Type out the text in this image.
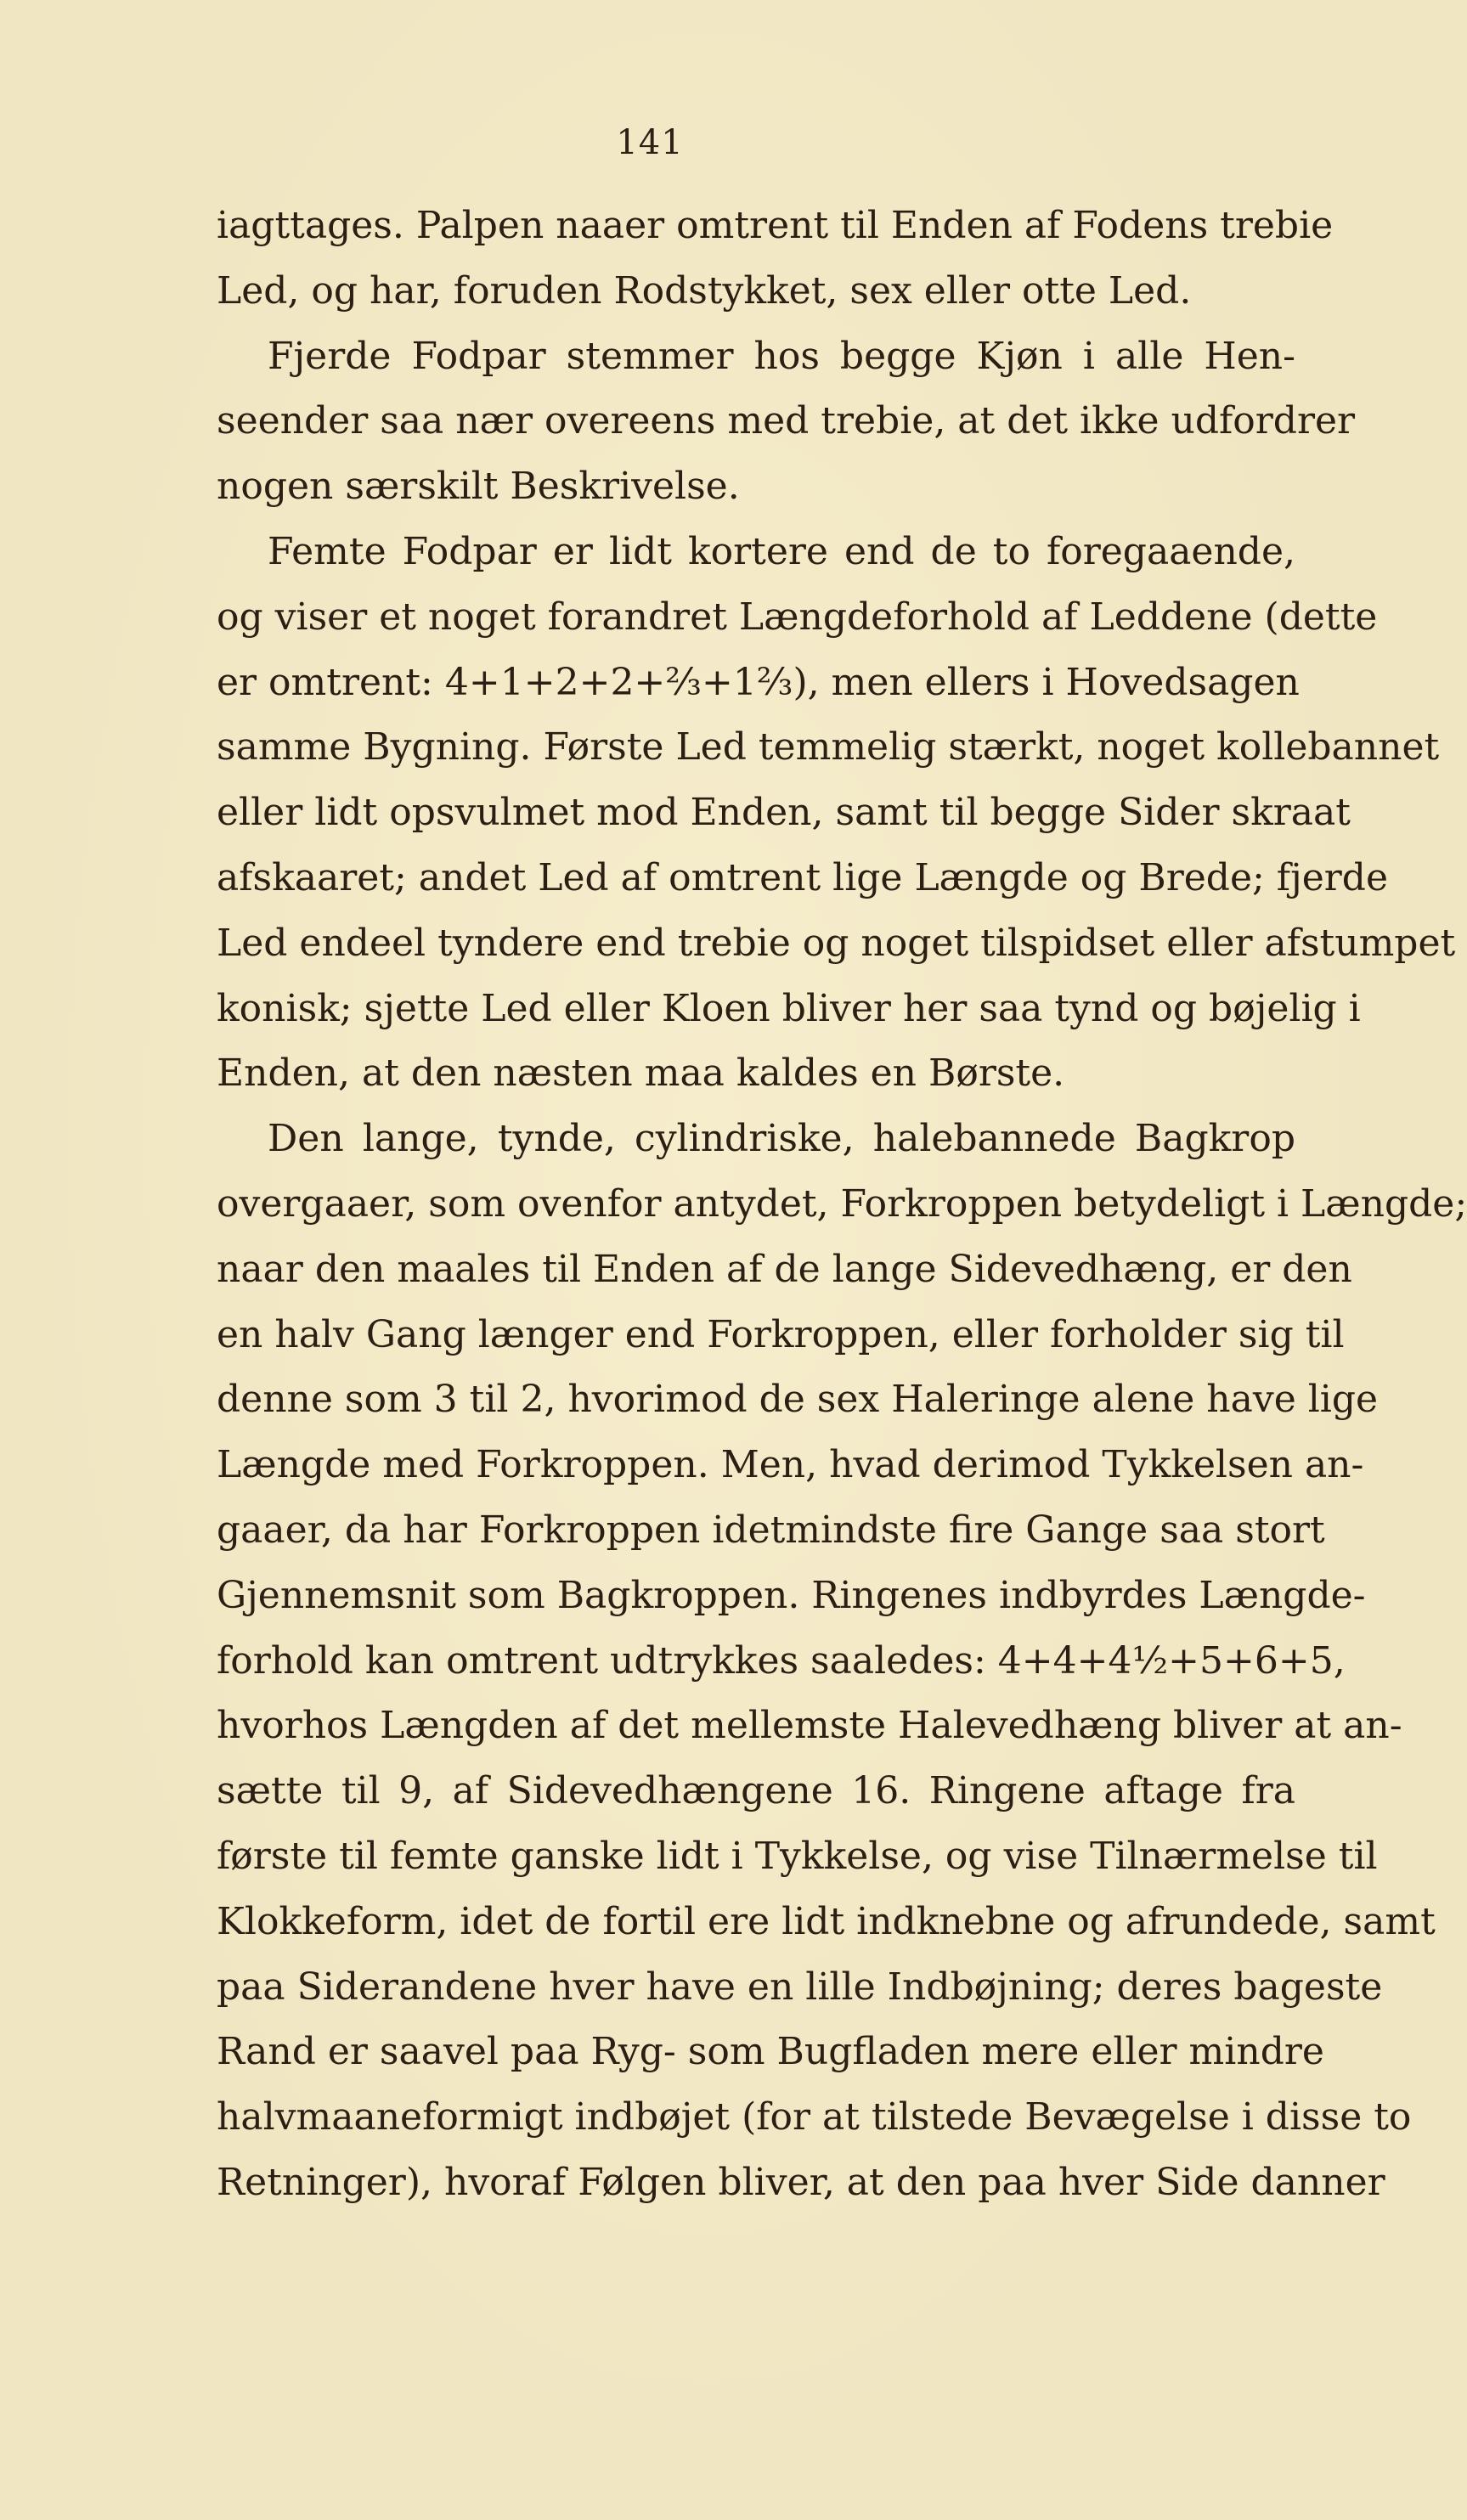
141
iagttages. Palpen naaer omtrent til Enden af Fodens trebie
Led, og har, foruden Rodstykket, sex eller otte Led.
Fjerde Fodpar stemmer hos begge Kjøn i alle Hen-
seender saa nær overeens med trebie, at det ikke udfordrer
nogen særskilt Beskrivelse.
Femte Fodpar er lidt kortere end de to foregaaende,
og viser et noget forandret Længdeforhold af Leddene (dette
er omtrent: 4+1+2+2+⅔+1⅔), men ellers i Hovedsagen
samme Bygning. Første Led temmelig stærkt, noget kollebannet
eller lidt opsvulmet mod Enden, samt til begge Sider skraat
afskaaret; andet Led af omtrent lige Længde og Brede; fjerde
Led endeel tyndere end trebie og noget tilspidset eller afstumpet
konisk; sjette Led eller Kloen bliver her saa tynd og bøjelig i
Enden, at den næsten maa kaldes en Børste.
Den lange, tynde, cylindriske, halebannede Bagkrop
overgaaer, som ovenfor antydet, Forkroppen betydeligt i Længde;
naar den maales til Enden af de lange Sidevedhæng, er den
en halv Gang længer end Forkroppen, eller forholder sig til
denne som 3 til 2, hvorimod de sex Haleringe alene have lige
Længde med Forkroppen. Men, hvad derimod Tykkelsen an-
gaaer, da har Forkroppen idetmindste fire Gange saa stort
Gjennemsnit som Bagkroppen. Ringenes indbyrdes Længde-
forhold kan omtrent udtrykkes saaledes: 4+4+4½+5+6+5,
hvorhos Længden af det mellemste Halevedhæng bliver at an-
sætte til 9, af Sidevedhængene 16. Ringene aftage fra
første til femte ganske lidt i Tykkelse, og vise Tilnærmelse til
Klokkeform, idet de fortil ere lidt indknebne og afrundede, samt
paa Siderandene hver have en lille Indbøjning; deres bageste
Rand er saavel paa Ryg- som Bugfladen mere eller mindre
halvmaaneformigt indbøjet (for at tilstede Bevægelse i disse to
Retninger), hvoraf Følgen bliver, at den paa hver Side danner
